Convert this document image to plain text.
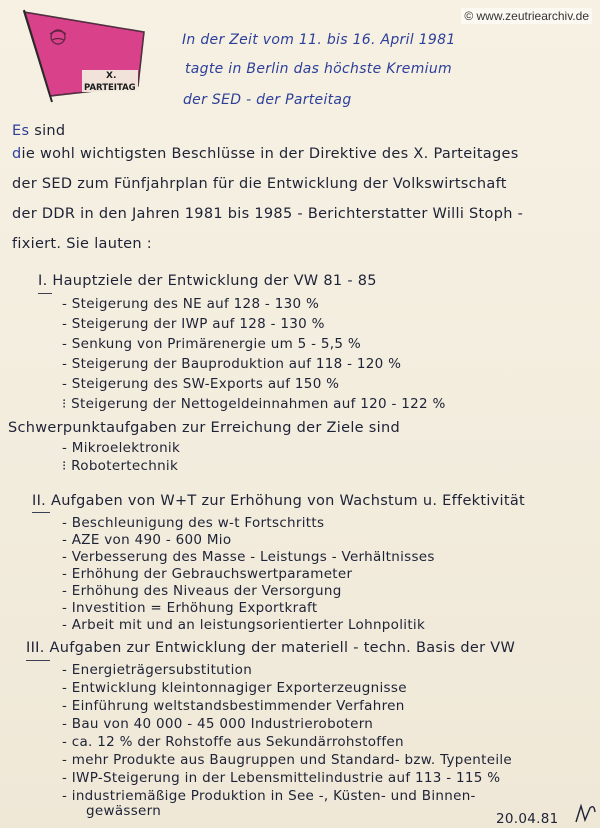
© www.zeutriearchiv.de
X.
PARTEITAG
In der Zeit vom 11. bis 16. April 1981
tagte in Berlin das höchste Kremium
der SED - der Parteitag
Es sind
die wohl wichtigsten Beschlüsse in der Direktive des X. Parteitages
der SED zum Fünfjahrplan für die Entwicklung der Volkswirtschaft
der DDR in den Jahren 1981 bis 1985 - Berichterstatter Willi Stoph -
fixiert. Sie lauten :
I. Hauptziele der Entwicklung der VW 81 - 85
- Steigerung des NE auf 128 - 130 %
- Steigerung der IWP auf 128 - 130 %
- Senkung von Primärenergie um 5 - 5,5 %
- Steigerung der Bauproduktion auf 118 - 120 %
- Steigerung des SW-Exports auf 150 %
⁝ Steigerung der Nettogeldeinnahmen auf 120 - 122 %
Schwerpunktaufgaben zur Erreichung der Ziele sind
- Mikroelektronik
⁝ Robotertechnik
II. Aufgaben von W+T zur Erhöhung von Wachstum u. Effektivität
- Beschleunigung des w-t Fortschritts
- AZE von 490 - 600 Mio
- Verbesserung des Masse - Leistungs - Verhältnisses
- Erhöhung der Gebrauchswertparameter
- Erhöhung des Niveaus der Versorgung
- Investition = Erhöhung Exportkraft
- Arbeit mit und an leistungsorientierter Lohnpolitik
III. Aufgaben zur Entwicklung der materiell - techn. Basis der VW
- Energieträgersubstitution
- Entwicklung kleintonnagiger Exporterzeugnisse
- Einführung weltstandsbestimmender Verfahren
- Bau von 40 000 - 45 000 Industrierobotern
- ca. 12 % der Rohstoffe aus Sekundärrohstoffen
- mehr Produkte aus Baugruppen und Standard- bzw. Typenteile
- IWP-Steigerung in der Lebensmittelindustrie auf 113 - 115 %
- industriemäßige Produktion in See -, Küsten- und Binnen-
gewässern	20.04.81
